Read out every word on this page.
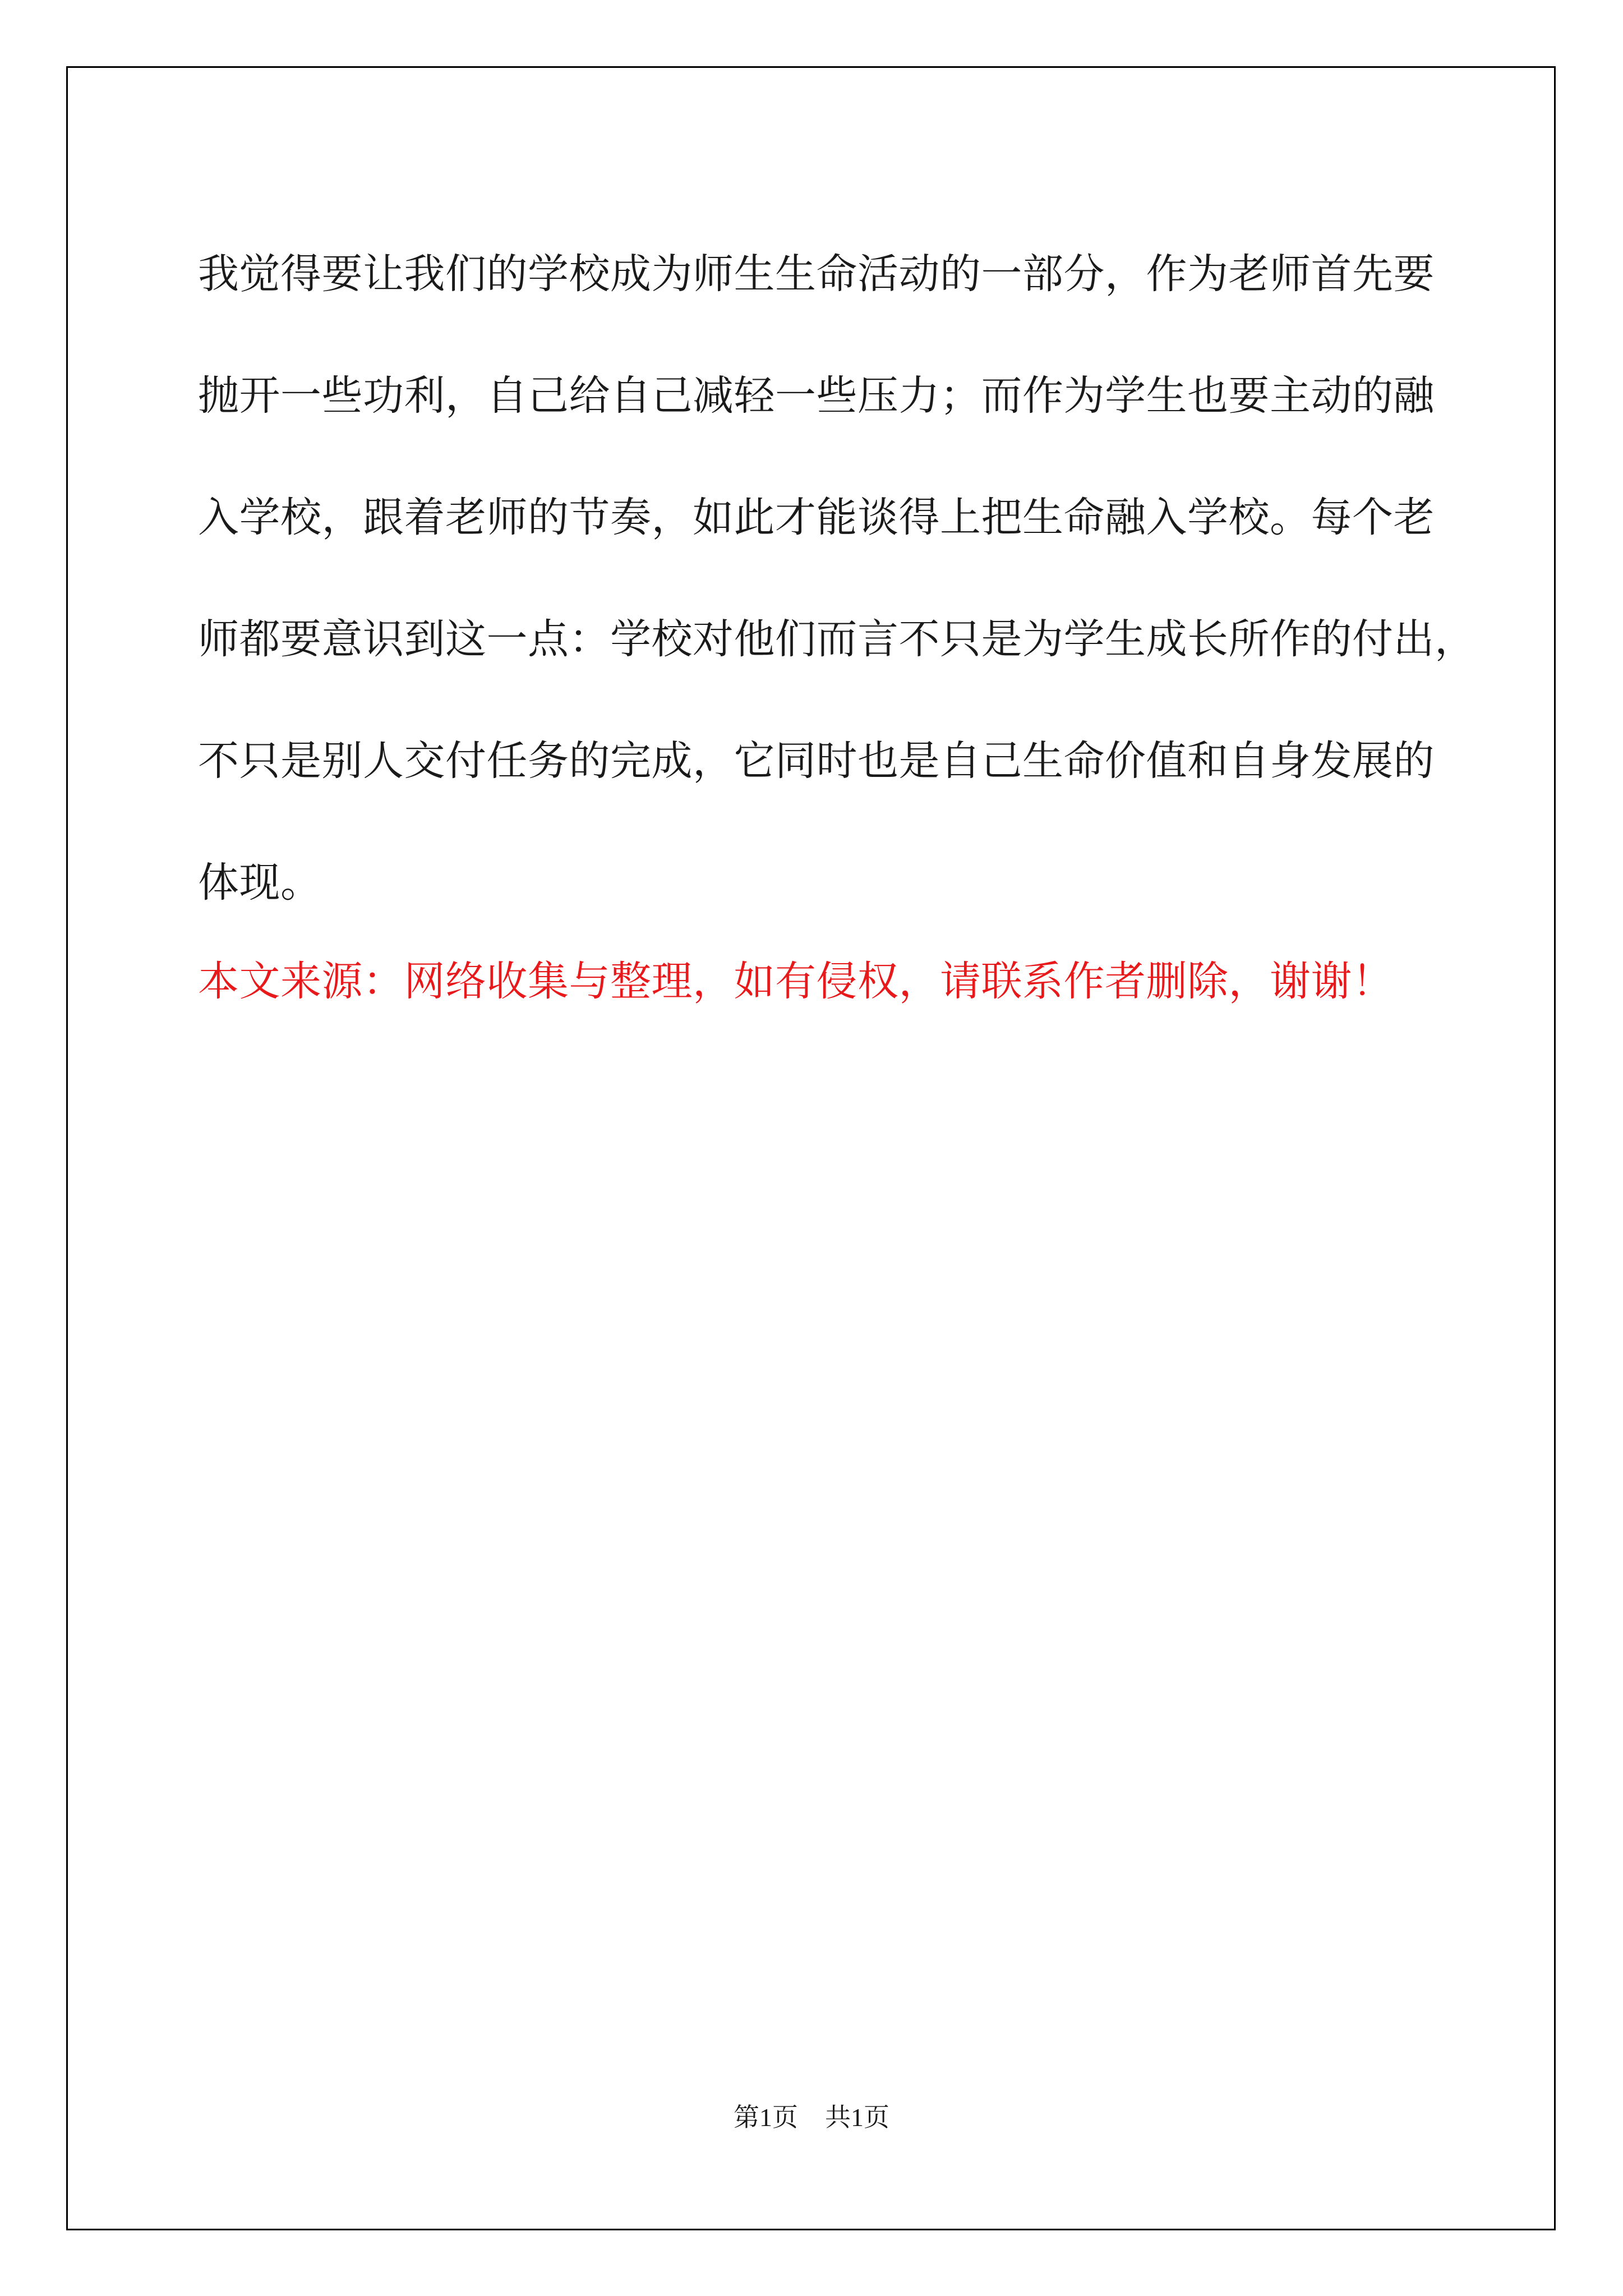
我觉得要让我们的学校成为师生生命活动的一部分，作为老师首先要
抛开一些功利，自己给自己减轻一些压力；而作为学生也要主动的融
入学校，跟着老师的节奏，如此才能谈得上把生命融入学校。每个老
师都要意识到这一点：学校对他们而言不只是为学生成长所作的付出，
不只是别人交付任务的完成，它同时也是自己生命价值和自身发展的
体现。

本文来源：网络收集与整理，如有侵权，请联系作者删除，谢谢！

第1页 共1页
